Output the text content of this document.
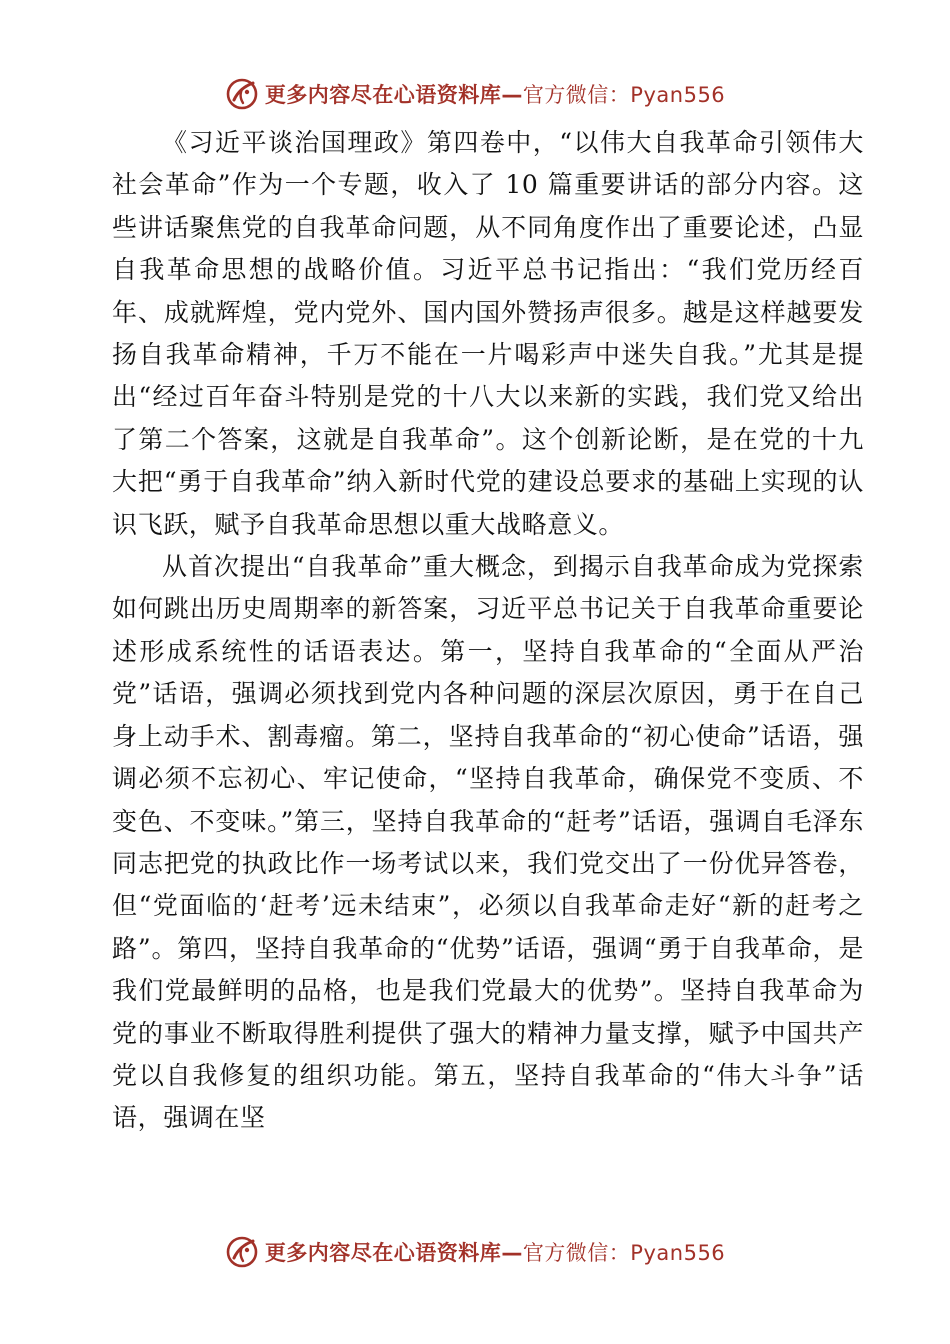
更多内容尽在心语资料库—官方微信：Pyan556

《习近平谈治国理政》第四卷中，“以伟大自我革命引领伟大社会革命”作为一个专题，收入了 10 篇重要讲话的部分内容。这些讲话聚焦党的自我革命问题，从不同角度作出了重要论述，凸显自我革命思想的战略价值。习近平总书记指出：“我们党历经百年、成就辉煌，党内党外、国内国外赞扬声很多。越是这样越要发扬自我革命精神，千万不能在一片喝彩声中迷失自我。”尤其是提出“经过百年奋斗特别是党的十八大以来新的实践，我们党又给出了第二个答案，这就是自我革命”。这个创新论断，是在党的十九大把“勇于自我革命”纳入新时代党的建设总要求的基础上实现的认识飞跃，赋予自我革命思想以重大战略意义。

从首次提出“自我革命”重大概念，到揭示自我革命成为党探索如何跳出历史周期率的新答案，习近平总书记关于自我革命重要论述形成系统性的话语表达。第一，坚持自我革命的“全面从严治党”话语，强调必须找到党内各种问题的深层次原因，勇于在自己身上动手术、割毒瘤。第二，坚持自我革命的“初心使命”话语，强调必须不忘初心、牢记使命，“坚持自我革命，确保党不变质、不变色、不变味。”第三，坚持自我革命的“赶考”话语，强调自毛泽东同志把党的执政比作一场考试以来，我们党交出了一份优异答卷，但“党面临的‘赶考’远未结束”，必须以自我革命走好“新的赶考之路”。第四，坚持自我革命的“优势”话语，强调“勇于自我革命，是我们党最鲜明的品格，也是我们党最大的优势”。坚持自我革命为党的事业不断取得胜利提供了强大的精神力量支撑，赋予中国共产党以自我修复的组织功能。第五，坚持自我革命的“伟大斗争”话语，强调在坚

更多内容尽在心语资料库—官方微信：Pyan556
